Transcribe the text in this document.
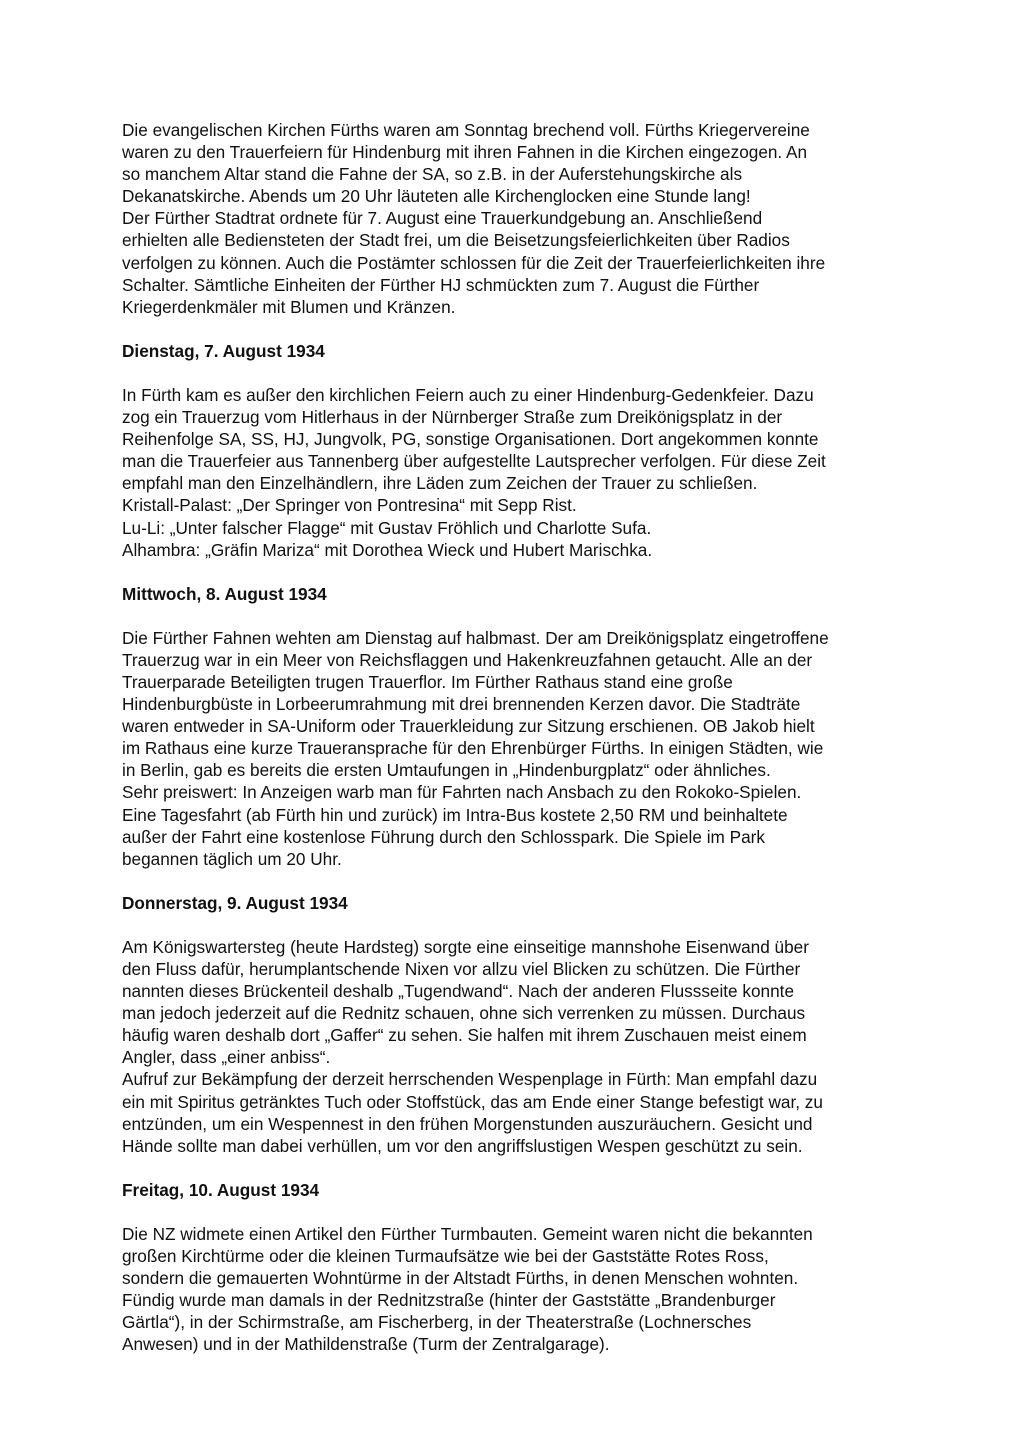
Die evangelischen Kirchen Fürths waren am Sonntag brechend voll. Fürths Kriegervereine
waren zu den Trauerfeiern für Hindenburg mit ihren Fahnen in die Kirchen eingezogen. An
so manchem Altar stand die Fahne der SA, so z.B. in der Auferstehungskirche als
Dekanatskirche. Abends um 20 Uhr läuteten alle Kirchenglocken eine Stunde lang!
Der Fürther Stadtrat ordnete für 7. August eine Trauerkundgebung an. Anschließend
erhielten alle Bediensteten der Stadt frei, um die Beisetzungsfeierlichkeiten über Radios
verfolgen zu können. Auch die Postämter schlossen für die Zeit der Trauerfeierlichkeiten ihre
Schalter. Sämtliche Einheiten der Fürther HJ schmückten zum 7. August die Fürther
Kriegerdenkmäler mit Blumen und Kränzen.

Dienstag, 7. August 1934

In Fürth kam es außer den kirchlichen Feiern auch zu einer Hindenburg-Gedenkfeier. Dazu
zog ein Trauerzug vom Hitlerhaus in der Nürnberger Straße zum Dreikönigsplatz in der
Reihenfolge SA, SS, HJ, Jungvolk, PG, sonstige Organisationen. Dort angekommen konnte
man die Trauerfeier aus Tannenberg über aufgestellte Lautsprecher verfolgen. Für diese Zeit
empfahl man den Einzelhändlern, ihre Läden zum Zeichen der Trauer zu schließen.
Kristall-Palast: „Der Springer von Pontresina“ mit Sepp Rist.
Lu-Li: „Unter falscher Flagge“ mit Gustav Fröhlich und Charlotte Sufa.
Alhambra: „Gräfin Mariza“ mit Dorothea Wieck und Hubert Marischka.

Mittwoch, 8. August 1934

Die Fürther Fahnen wehten am Dienstag auf halbmast. Der am Dreikönigsplatz eingetroffene
Trauerzug war in ein Meer von Reichsflaggen und Hakenkreuzfahnen getaucht. Alle an der
Trauerparade Beteiligten trugen Trauerflor. Im Fürther Rathaus stand eine große
Hindenburgbüste in Lorbeerumrahmung mit drei brennenden Kerzen davor. Die Stadträte
waren entweder in SA-Uniform oder Trauerkleidung zur Sitzung erschienen. OB Jakob hielt
im Rathaus eine kurze Traueransprache für den Ehrenbürger Fürths. In einigen Städten, wie
in Berlin, gab es bereits die ersten Umtaufungen in „Hindenburgplatz“ oder ähnliches.
Sehr preiswert: In Anzeigen warb man für Fahrten nach Ansbach zu den Rokoko-Spielen.
Eine Tagesfahrt (ab Fürth hin und zurück) im Intra-Bus kostete 2,50 RM und beinhaltete
außer der Fahrt eine kostenlose Führung durch den Schlosspark. Die Spiele im Park
begannen täglich um 20 Uhr.

Donnerstag, 9. August 1934

Am Königswartersteg (heute Hardsteg) sorgte eine einseitige mannshohe Eisenwand über
den Fluss dafür, herumplantschende Nixen vor allzu viel Blicken zu schützen. Die Fürther
nannten dieses Brückenteil deshalb „Tugendwand“. Nach der anderen Flussseite konnte
man jedoch jederzeit auf die Rednitz schauen, ohne sich verrenken zu müssen. Durchaus
häufig waren deshalb dort „Gaffer“ zu sehen. Sie halfen mit ihrem Zuschauen meist einem
Angler, dass „einer anbiss“.
Aufruf zur Bekämpfung der derzeit herrschenden Wespenplage in Fürth: Man empfahl dazu
ein mit Spiritus getränktes Tuch oder Stoffstück, das am Ende einer Stange befestigt war, zu
entzünden, um ein Wespennest in den frühen Morgenstunden auszuräuchern. Gesicht und
Hände sollte man dabei verhüllen, um vor den angriffslustigen Wespen geschützt zu sein.

Freitag, 10. August 1934

Die NZ widmete einen Artikel den Fürther Turmbauten. Gemeint waren nicht die bekannten
großen Kirchtürme oder die kleinen Turmaufsätze wie bei der Gaststätte Rotes Ross,
sondern die gemauerten Wohntürme in der Altstadt Fürths, in denen Menschen wohnten.
Fündig wurde man damals in der Rednitzstraße (hinter der Gaststätte „Brandenburger
Gärtla“), in der Schirmstraße, am Fischerberg, in der Theaterstraße (Lochnersches
Anwesen) und in der Mathildenstraße (Turm der Zentralgarage).
